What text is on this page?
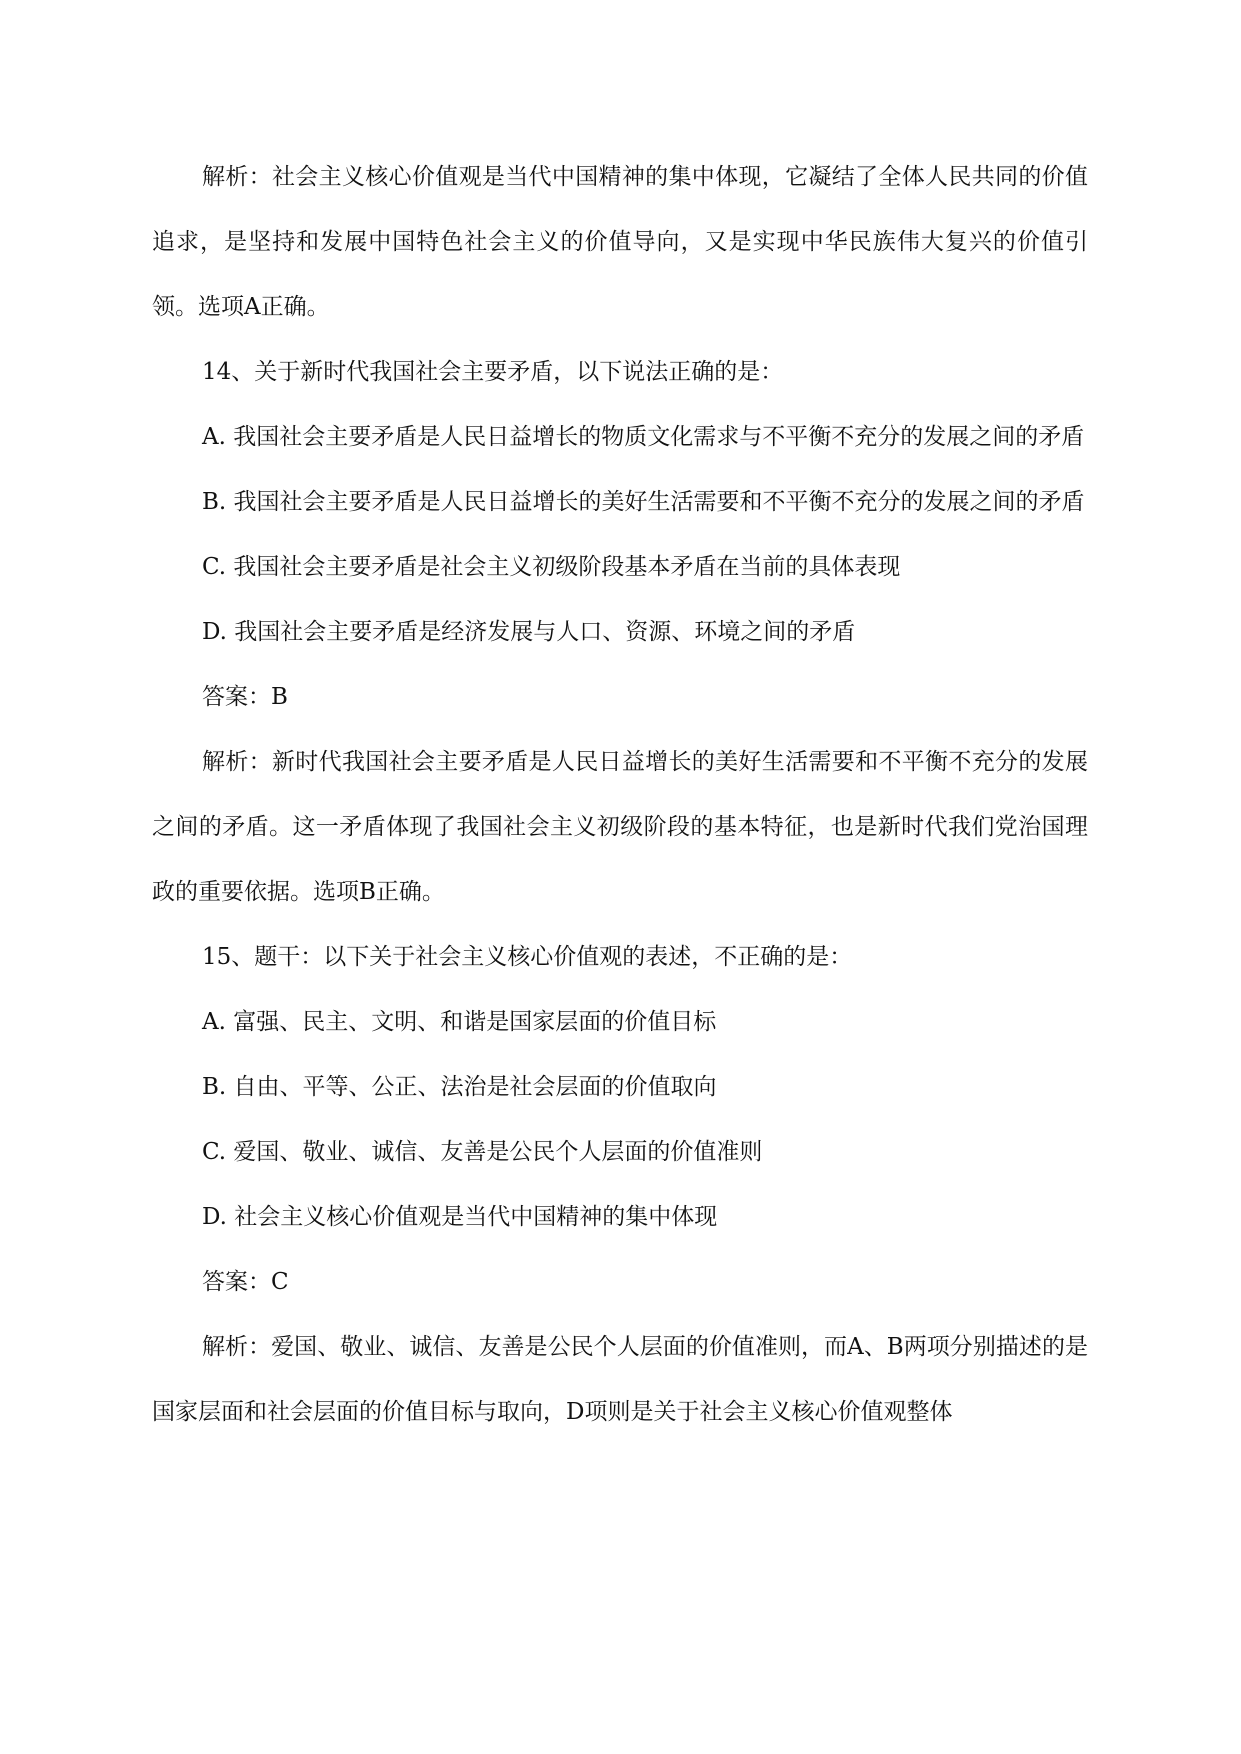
解析：社会主义核心价值观是当代中国精神的集中体现，它凝结了全体人民共同的价值追求，是坚持和发展中国特色社会主义的价值导向，又是实现中华民族伟大复兴的价值引领。选项A正确。

14、关于新时代我国社会主要矛盾，以下说法正确的是：

A. 我国社会主要矛盾是人民日益增长的物质文化需求与不平衡不充分的发展之间的矛盾

B. 我国社会主要矛盾是人民日益增长的美好生活需要和不平衡不充分的发展之间的矛盾

C. 我国社会主要矛盾是社会主义初级阶段基本矛盾在当前的具体表现

D. 我国社会主要矛盾是经济发展与人口、资源、环境之间的矛盾

答案：B

解析：新时代我国社会主要矛盾是人民日益增长的美好生活需要和不平衡不充分的发展之间的矛盾。这一矛盾体现了我国社会主义初级阶段的基本特征，也是新时代我们党治国理政的重要依据。选项B正确。

15、题干：以下关于社会主义核心价值观的表述，不正确的是：

A. 富强、民主、文明、和谐是国家层面的价值目标

B. 自由、平等、公正、法治是社会层面的价值取向

C. 爱国、敬业、诚信、友善是公民个人层面的价值准则

D. 社会主义核心价值观是当代中国精神的集中体现

答案：C

解析：爱国、敬业、诚信、友善是公民个人层面的价值准则，而A、B两项分别描述的是国家层面和社会层面的价值目标与取向，D项则是关于社会主义核心价值观整体
